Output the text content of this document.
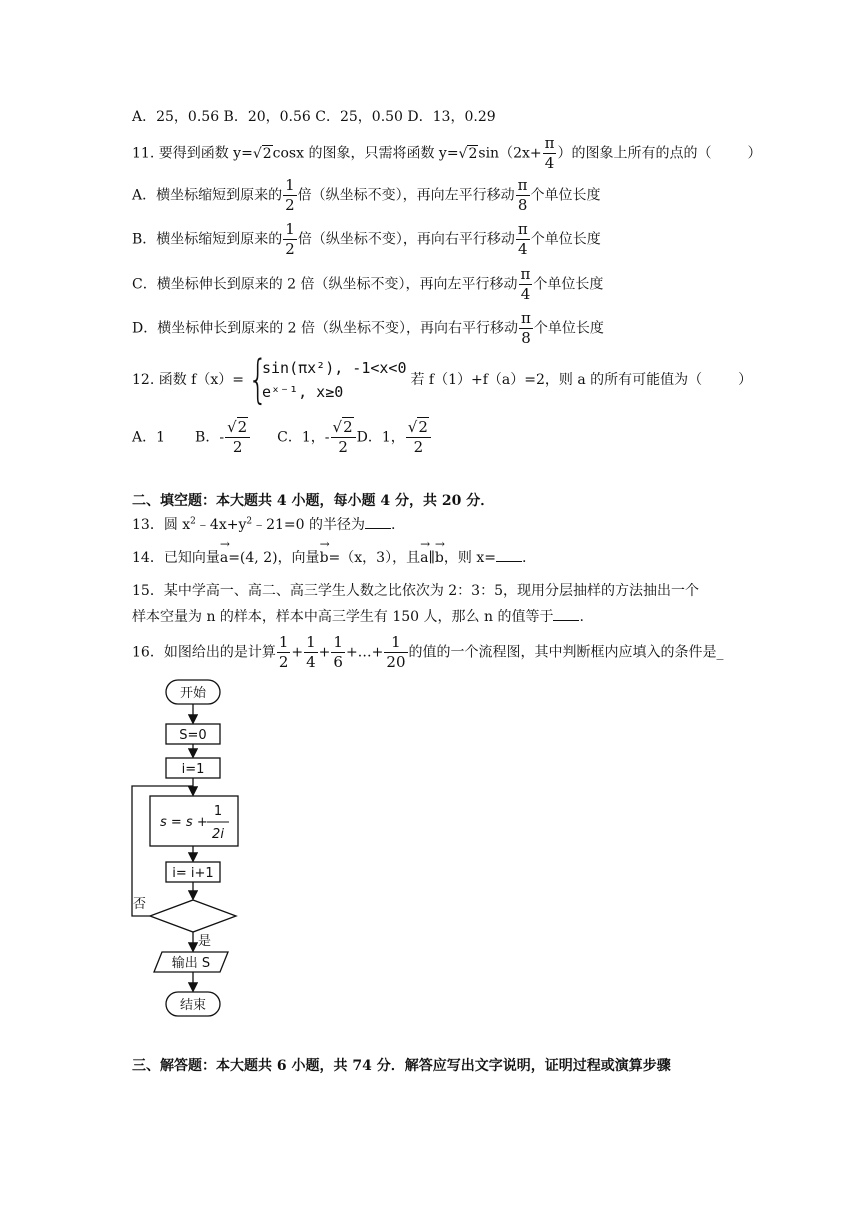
A．25，0.56 B．20，0.56 C．25，0.50 D．13，0.29
11. 要得到函数 y=√2cosx 的图象，只需将函数 $y=√2\sin(2x+ \frac{\pi}{4}$ ）的图象上所有的点的（	）
A．横坐标缩短到原来的 $\frac{1}{2}$ 倍（纵坐标不变），再向左平行移动 $\frac{\pi}{8}$ 个单位长度
B．横坐标缩短到原来的 $\frac{1}{2}$ 倍（纵坐标不变），再向右平行移动 $\frac{\pi}{4}$ 个单位长度
C．横坐标伸长到原来的 2 倍（纵坐标不变），再向左平行移动 $\frac{\pi}{4}$ 个单位长度
D．横坐标伸长到原来的 2 倍（纵坐标不变），再向右平行移动 $\frac{\pi}{8}$ 个单位长度
12. 函数 f（x）= {
sin(πx²), -1<x<0
eˣ⁻¹, x≥0
若 f（1）+f（a）=2，则 a 的所有可能值为（	）
A．1 B．- $\frac{√2}{2}$ C．1，- $\frac{√2}{2}$ D．1， $\frac{√2}{2}$
二、填空题：本大题共 4 小题，每小题 4 分，共 20 分．
13．圆 $x^2﹣4x+y^2﹣21=0$ 的半径为 .
14．已知向量→ a=(4, 2)，向量→ b=（x，3），且→ a∥→ b，则 x= .
15．某中学高一、高二、高三学生人数之比依次为 2：3：5，现用分层抽样的方法抽出一个
样本空量为 n 的样本，样本中高三学生有 150 人，那么 n 的值等于 .
16．如图给出的是计算 $\frac{1}{2} + \frac{1}{4} + \frac{1}{6}$ +…+ $\frac{1}{20}$ 的值的一个流程图，其中判断框内应填入的条件是_
开始
S=0
i=1
s = s +
1
2i
i= i+1
否
是
输出 S
结束
三、解答题：本大题共 6 小题，共 74 分．解答应写出文字说明，证明过程或演算步骤
